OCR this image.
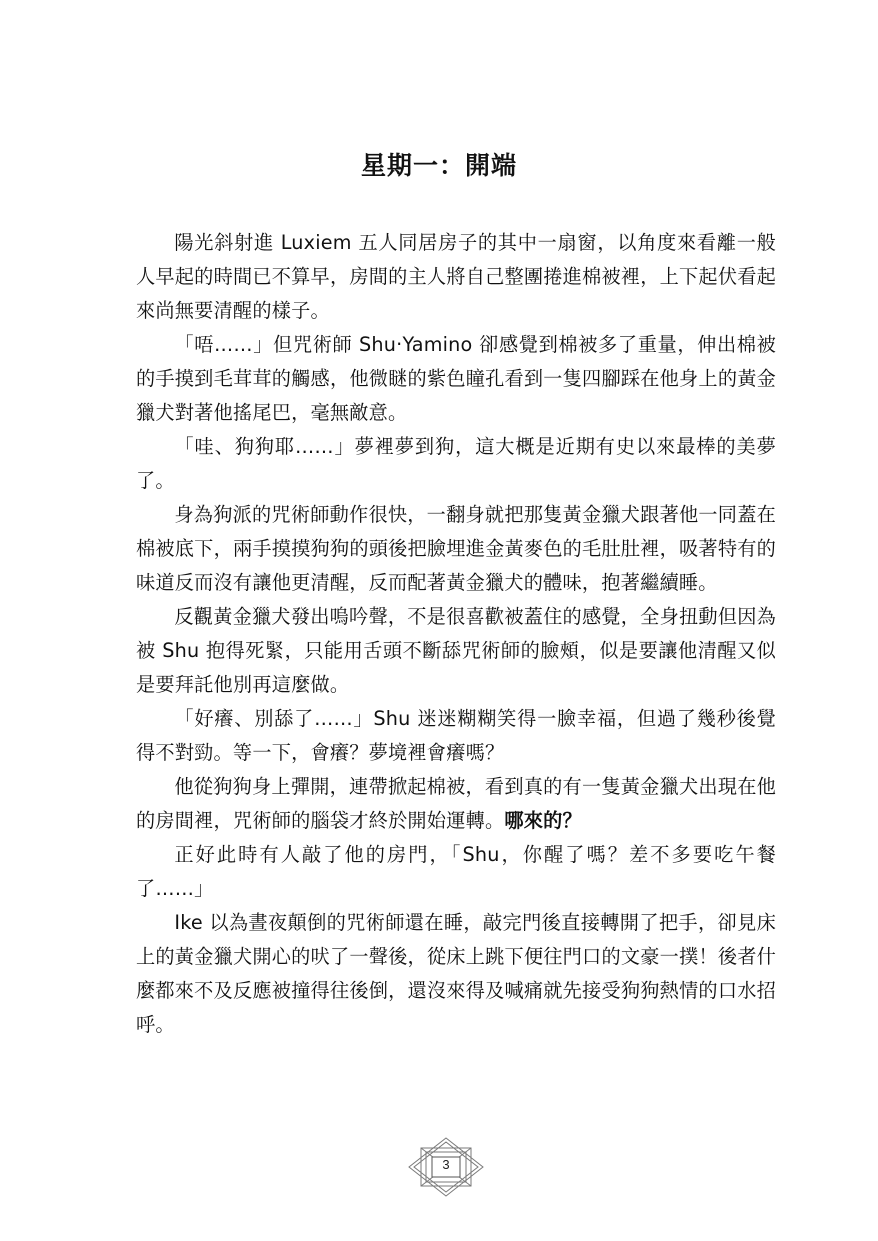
星期一：開端

陽光斜射進 Luxiem 五人同居房子的其中一扇窗，以角度來看離一般人早起的時間已不算早，房間的主人將自己整團捲進棉被裡，上下起伏看起來尚無要清醒的樣子。

「唔……」但咒術師 Shu‧Yamino 卻感覺到棉被多了重量，伸出棉被的手摸到毛茸茸的觸感，他微瞇的紫色瞳孔看到一隻四腳踩在他身上的黃金獵犬對著他搖尾巴，毫無敵意。

「哇、狗狗耶……」夢裡夢到狗，這大概是近期有史以來最棒的美夢了。

身為狗派的咒術師動作很快，一翻身就把那隻黃金獵犬跟著他一同蓋在棉被底下，兩手摸摸狗狗的頭後把臉埋進金黃麥色的毛肚肚裡，吸著特有的味道反而沒有讓他更清醒，反而配著黃金獵犬的體味，抱著繼續睡。

反觀黃金獵犬發出嗚吟聲，不是很喜歡被蓋住的感覺，全身扭動但因為被 Shu 抱得死緊，只能用舌頭不斷舔咒術師的臉頰，似是要讓他清醒又似是要拜託他別再這麼做。

「好癢、別舔了……」Shu 迷迷糊糊笑得一臉幸福，但過了幾秒後覺得不對勁。等一下，會癢？夢境裡會癢嗎？

他從狗狗身上彈開，連帶掀起棉被，看到真的有一隻黃金獵犬出現在他的房間裡，咒術師的腦袋才終於開始運轉。哪來的？

正好此時有人敲了他的房門，「Shu，你醒了嗎？差不多要吃午餐了……」

Ike 以為晝夜顛倒的咒術師還在睡，敲完門後直接轉開了把手，卻見床上的黃金獵犬開心的吠了一聲後，從床上跳下便往門口的文豪一撲！後者什麼都來不及反應被撞得往後倒，還沒來得及喊痛就先接受狗狗熱情的口水招呼。

3
